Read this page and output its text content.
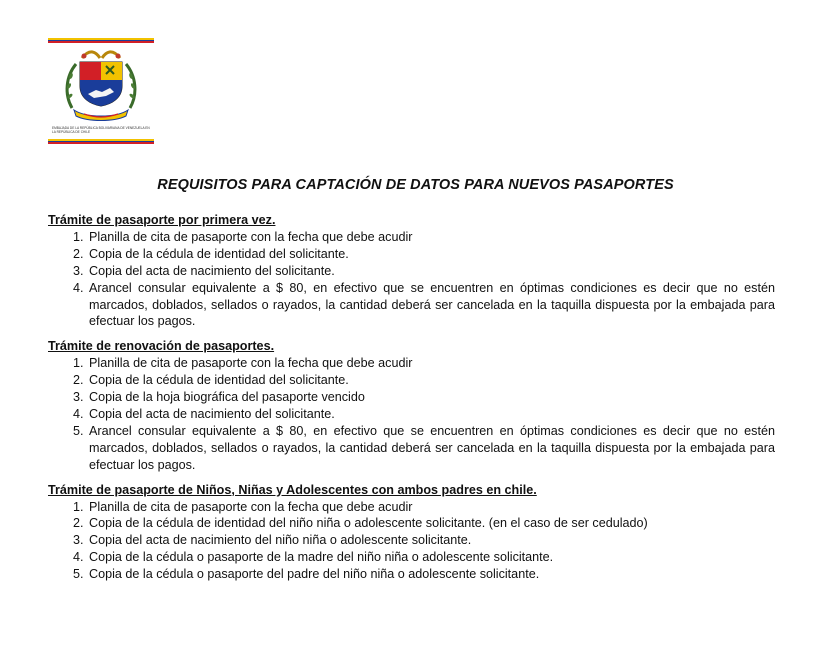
EMBAJADA DE LA REPÚBLICA BOLIVARIANA DE VENEZUELA EN LA REPÚBLICA DE CHILE
REQUISITOS PARA CAPTACIÓN DE DATOS PARA NUEVOS PASAPORTES
Trámite de pasaporte por primera vez.
1. Planilla de cita de pasaporte con la fecha que debe acudir
2. Copia de la cédula de identidad del solicitante.
3. Copia del acta de nacimiento del solicitante.
4. Arancel consular equivalente a $ 80, en efectivo que se encuentren en óptimas condiciones es decir que no estén marcados, doblados, sellados o rayados, la cantidad deberá ser cancelada en la taquilla dispuesta por la embajada para efectuar los pagos.
Trámite de renovación de pasaportes.
1. Planilla de cita de pasaporte con la fecha que debe acudir
2. Copia de la cédula de identidad del solicitante.
3. Copia de la hoja biográfica del pasaporte vencido
4. Copia del acta de nacimiento del solicitante.
5. Arancel consular equivalente a $ 80, en efectivo que se encuentren en óptimas condiciones es decir que no estén marcados, doblados, sellados o rayados, la cantidad deberá ser cancelada en la taquilla dispuesta por la embajada para efectuar los pagos.
Trámite de pasaporte de Niños, Niñas y Adolescentes con ambos padres en chile.
1. Planilla de cita de pasaporte con la fecha que debe acudir
2. Copia de la cédula de identidad del niño niña o adolescente solicitante. (en el caso de ser cedulado)
3. Copia del acta de nacimiento del niño niña o adolescente solicitante.
4. Copia de la cédula o pasaporte de la madre del niño niña o adolescente solicitante.
5. Copia de la cédula o pasaporte del padre del niño niña o adolescente solicitante.
